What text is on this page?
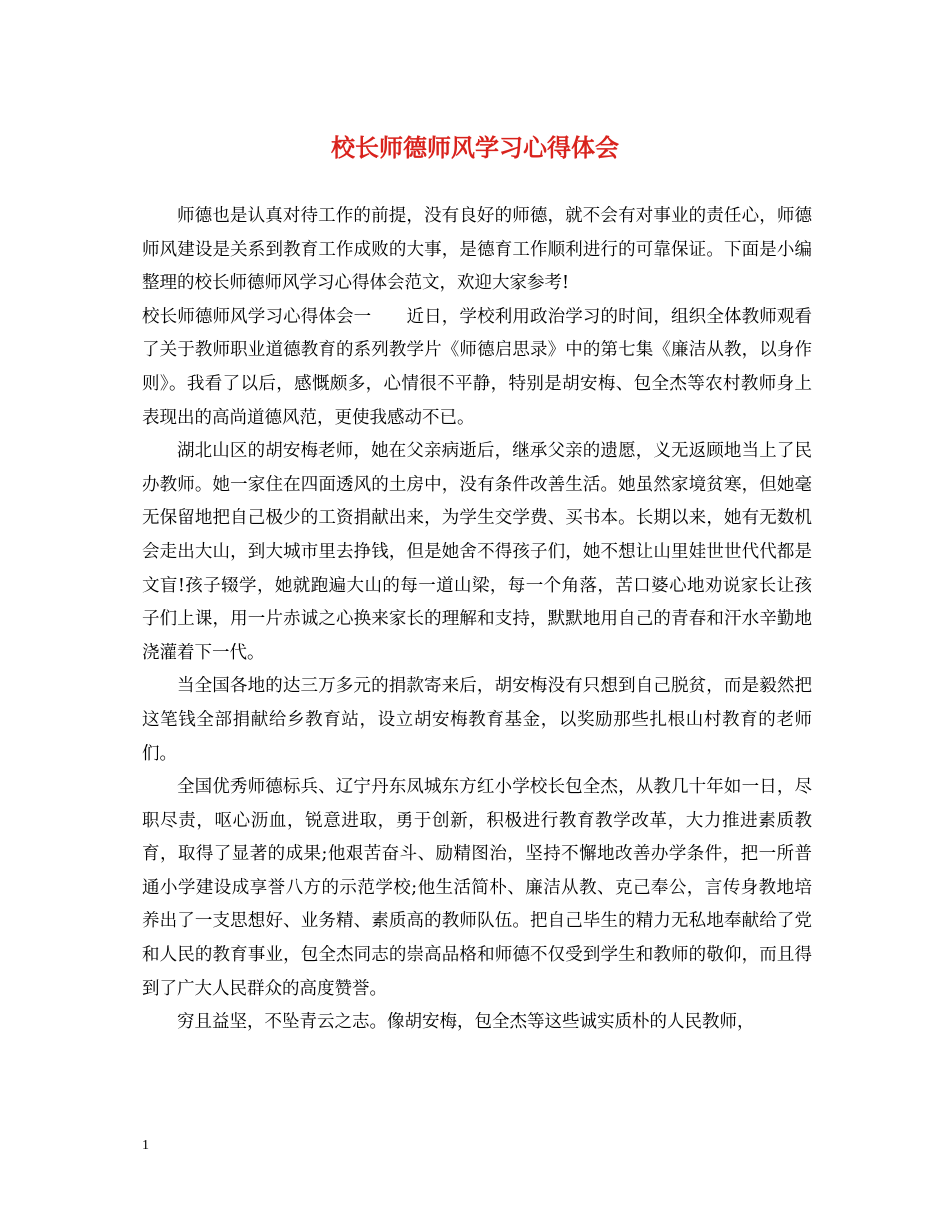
校长师德师风学习心得体会

师德也是认真对待工作的前提，没有良好的师德，就不会有对事业的责任心，师德师风建设是关系到教育工作成败的大事，是德育工作顺利进行的可靠保证。下面是小编整理的校长师德师风学习心得体会范文，欢迎大家参考!

校长师德师风学习心得体会一　　近日，学校利用政治学习的时间，组织全体教师观看了关于教师职业道德教育的系列教学片《师德启思录》中的第七集《廉洁从教，以身作则》。我看了以后，感慨颇多，心情很不平静，特别是胡安梅、包全杰等农村教师身上表现出的高尚道德风范，更使我感动不已。

湖北山区的胡安梅老师，她在父亲病逝后，继承父亲的遗愿，义无返顾地当上了民办教师。她一家住在四面透风的土房中，没有条件改善生活。她虽然家境贫寒，但她毫无保留地把自己极少的工资捐献出来，为学生交学费、买书本。长期以来，她有无数机会走出大山，到大城市里去挣钱，但是她舍不得孩子们，她不想让山里娃世世代代都是文盲!孩子辍学，她就跑遍大山的每一道山梁，每一个角落，苦口婆心地劝说家长让孩子们上课，用一片赤诚之心换来家长的理解和支持，默默地用自己的青春和汗水辛勤地浇灌着下一代。

当全国各地的达三万多元的捐款寄来后，胡安梅没有只想到自己脱贫，而是毅然把这笔钱全部捐献给乡教育站，设立胡安梅教育基金，以奖励那些扎根山村教育的老师们。

全国优秀师德标兵、辽宁丹东凤城东方红小学校长包全杰，从教几十年如一日，尽职尽责，呕心沥血，锐意进取，勇于创新，积极进行教育教学改革，大力推进素质教育，取得了显著的成果;他艰苦奋斗、励精图治，坚持不懈地改善办学条件，把一所普通小学建设成享誉八方的示范学校;他生活简朴、廉洁从教、克己奉公，言传身教地培养出了一支思想好、业务精、素质高的教师队伍。把自己毕生的精力无私地奉献给了党和人民的教育事业，包全杰同志的崇高品格和师德不仅受到学生和教师的敬仰，而且得到了广大人民群众的高度赞誉。

穷且益坚，不坠青云之志。像胡安梅，包全杰等这些诚实质朴的人民教师，

1
